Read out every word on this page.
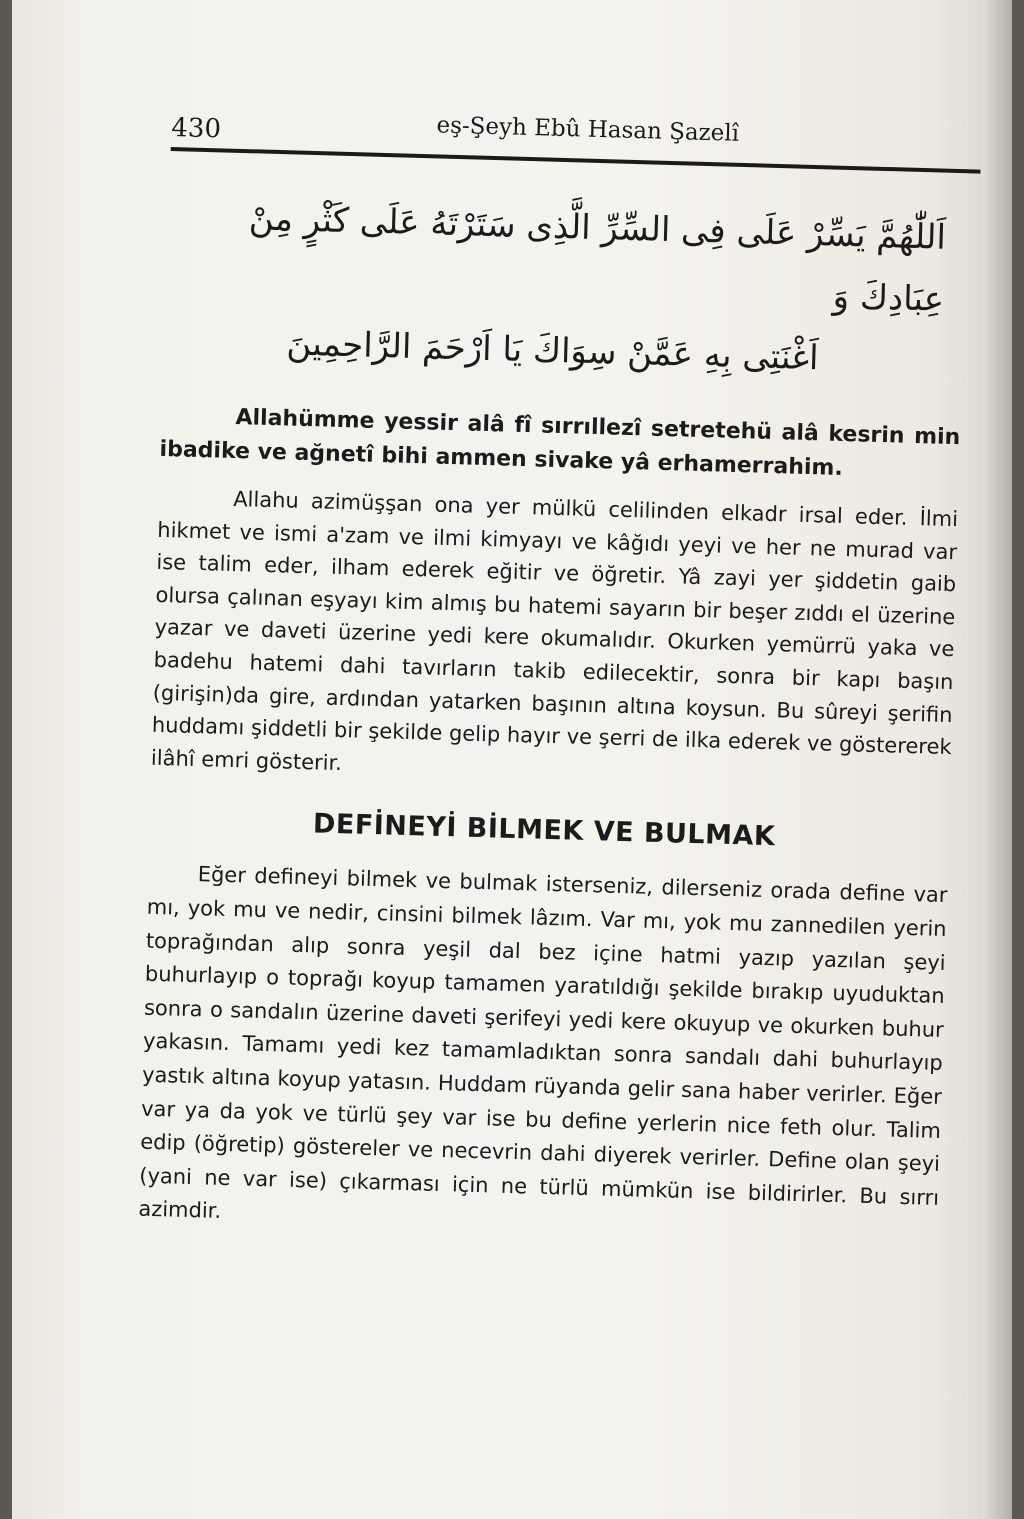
430	eş-Şeyh Ebû Hasan Şazelî

اَللّٰهُمَّ يَسِّرْ عَلَى فِى السِّرِّ الَّذِى سَتَرْتَهُ عَلَى كَثْرٍ مِنْ عِبَادِكَ وَ
اَغْنَتِى بِهِ عَمَّنْ سِوَاكَ يَا اَرْحَمَ الرَّاحِمِينَ

Allahümme yessir alâ fî sırrıllezî setretehü alâ kesrin min ibadike ve ağnetî bihi ammen sivake yâ erhamerrahim.

Allahu azimüşşan ona yer mülkü celilinden elkadr irsal eder. İlmi hikmet ve ismi a'zam ve ilmi kimyayı ve kâğıdı yeyi ve her ne murad var ise talim eder, ilham ederek eğitir ve öğretir. Yâ zayi yer şiddetin gaib olursa çalınan eşyayı kim almış bu hatemi sayarın bir beşer zıddı el üzerine yazar ve daveti üzerine yedi kere okumalıdır. Okurken yemürrü yaka ve badehu hatemi dahi tavırların takib edilecektir, sonra bir kapı başın (girişin)da gire, ardından yatarken başının altına koysun. Bu sûreyi şerifin huddamı şiddetli bir şekilde gelip hayır ve şerri de ilka ederek ve göstererek ilâhî emri gösterir.

DEFİNEYİ BİLMEK VE BULMAK

Eğer defineyi bilmek ve bulmak isterseniz, dilerseniz orada define var mı, yok mu ve nedir, cinsini bilmek lâzım. Var mı, yok mu zannedilen yerin toprağından alıp sonra yeşil dal bez içine hatmi yazıp yazılan şeyi buhurlayıp o toprağı koyup tamamen yaratıldığı şekilde bırakıp uyuduktan sonra o sandalın üzerine daveti şerifeyi yedi kere okuyup ve okurken buhur yakasın. Tamamı yedi kez tamamladıktan sonra sandalı dahi buhurlayıp yastık altına koyup yatasın. Huddam rüyanda gelir sana haber verirler. Eğer var ya da yok ve türlü şey var ise bu define yerlerin nice feth olur. Talim edip (öğretip) göstereler ve necevrin dahi diyerek verirler. Define olan şeyi (yani ne var ise) çıkarması için ne türlü mümkün ise bildirirler. Bu sırrı azimdir.
